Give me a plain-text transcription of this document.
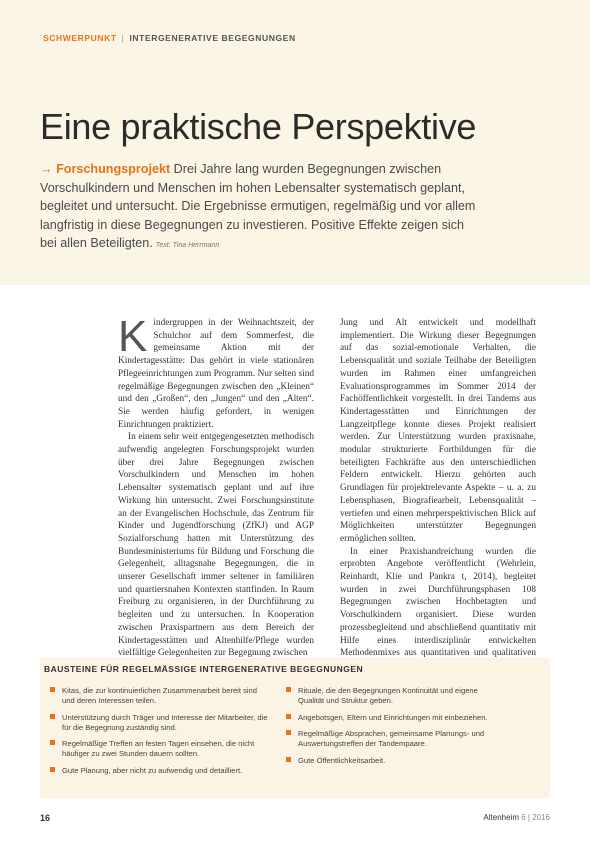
SCHWERPUNKT | INTERGENERATIVE BEGEGNUNGEN
Eine praktische Perspektive
→ Forschungsprojekt Drei Jahre lang wurden Begegnungen zwischen Vorschulkindern und Menschen im hohen Lebensalter systematisch geplant, begleitet und untersucht. Die Ergebnisse ermutigen, regelmäßig und vor allem langfristig in diese Begegnungen zu investieren. Positive Effekte zeigen sich bei allen Beteiligten. Text: Tina Herrmann

Kindergruppen in der Weihnachtszeit, der Schulchor auf dem Sommerfest, die gemeinsame Aktion mit der Kindertagesstätte: Das gehört in viele stationären Pflegeeinrichtungen zum Programm. Nur selten sind regelmäßige Begegnungen zwischen den „Kleinen“ und den „Großen“, den „Jungen“ und den „Alten“. Sie werden häufig gefordert, in wenigen Einrichtungen praktiziert.

In einem sehr weit entgegengesetzten methodisch aufwendig angelegten Forschungsprojekt wurden über drei Jahre Begegnungen zwischen Vorschulkindern und Menschen im hohen Lebensalter systematisch geplant und auf ihre Wirkung hin untersucht. Zwei Forschungsinstitute an der Evangelischen Hochschule, das Zentrum für Kinder und Jugendforschung (ZfKJ) und AGP Sozialforschung hatten mit Unterstützung des Bundesministeriums für Bildung und Forschung die Gelegenheit, alltagsnahe Begegnungen, die in unserer Gesellschaft immer seltener in familiären und quartiersnahen Kontexten stattfinden. In Raum Freiburg zu organisieren, in der Durchführung zu begleiten und zu untersuchen. In Kooperation zwischen Praxispartnern aus dem Bereich der Kindertagesstätten und Altenhilfe/Pflege wurden vielfältige Gelegenheiten zur Begegnung zwischen

Jung und Alt entwickelt und modellhaft implementiert. Die Wirkung dieser Begegnungen auf das sozial-emotionale Verhalten, die Lebensqualität und soziale Teilhabe der Beteiligten wurden im Rahmen einer umfangreichen Evaluationsprogrammes im Sommer 2014 der Fachöffentlichkeit vorgestellt. In drei Tandems aus Kindertagesstätten und Einrichtungen der Langzeitpflege konnte dieses Projekt realisiert werden. Zur Unterstützung wurden praxisnahe, modular strukturierte Fortbildungen für die beteiligten Fachkräfte aus den unterschiedlichen Feldern entwickelt. Hierzu gehörten auch Grundlagen für projektrelevante Aspekte – u. a. zu Lebensphasen, Biografiearbeit, Lebensqualität – vertiefen und einen mehrperspektivischen Blick auf Möglichkeiten unterstützter Begegnungen ermöglichen sollten.

In einer Praxishandreichung wurden die erprobten Angebote veröffentlicht (Wehrlein, Reinhardt, Klie und Pankra t, 2014), begleitet wurden in zwei Durchführungsphasen 108 Begegnungen zwischen Hochbetagten und Vorschulkindern organisiert. Diese wurden prozessbegleitend und abschließend quantitativ mit Hilfe eines interdisziplinär entwickelten Methodenmixes aus quantitativen und qualitativen

BAUSTEINE FÜR REGELMÄSSIGE INTERGENERATIVE BEGEGNUNGEN
Kitas, die zur kontinuierlichen Zusammenarbeit bereit sind und deren Interessen teilen.
Unterstützung durch Träger und Interesse der Mitarbeiter, die für die Begegnung zuständig sind.
Regelmäßige Treffen an festen Tagen einsehen, die nicht häufiger zu zwei Stunden dauern sollten.
Gute Planung, aber nicht zu aufwendig und detailliert.
Rituale, die den Begegnungen Kontinuität und eigene Qualität und Struktur geben.
Angebotsgen, Eltern und Einrichtungen mit einbeziehen.
Regelmäßige Absprachen, gemeinsame Planungs- und Auswertungstreffen der Tandempaare.
Gute Öffentlichkeitsarbeit.
16	Altenheim 6 | 2016
